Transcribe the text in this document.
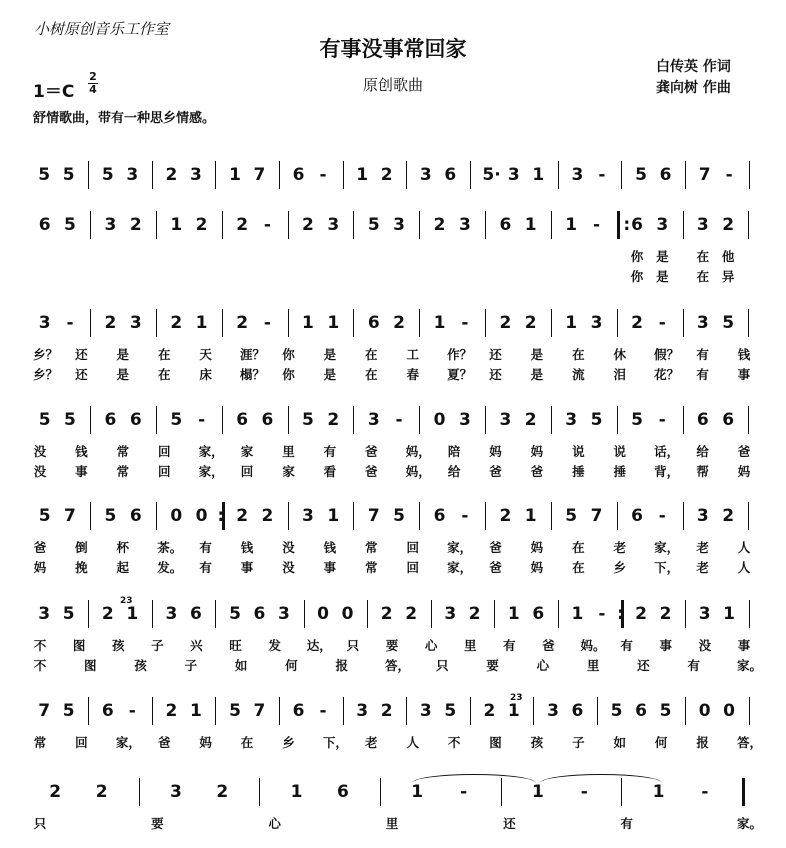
小树原创音乐工作室
有事没事常回家
原创歌曲
白传英 作词
龚向树 作曲
1＝C
2
4
舒情歌曲，带有一种思乡情感。
5 5 5 3 2 3 1 7 6 - 1 2 3 6 5· 3 1 3 - 5 6 7 -
6 5 3 2 1 2 2 - 2 3 5 3 2 3 6 1 1 - : 6 3 3 2
你 是 在 他
你 是 在 异
3 - 2 3 2 1 2 - 1 1 6 2 1 - 2 2 1 3 2 - 3 5
乡？ 还 是 在 天 涯？ 你 是 在 工 作？ 还 是 在 休 假？ 有 钱
乡？ 还 是 在 床 榻？ 你 是 在 春 夏？ 还 是 流 泪 花？ 有 事
5 5 6 6 5 - 6 6 5 2 3 - 0 3 3 2 3 5 5 - 6 6
没 钱 常 回 家， 家 里 有 爸 妈， 陪 妈 妈 说 说 话， 给 爸
没 事 常 回 家， 回 家 看 爸 妈， 给 爸 爸 捶 捶 背， 帮 妈
5 7 5 6 0 0 : 2 2 3 1 7 5 6 - 2 1 5 7 6 - 3 2
爸 倒 杯 茶。 有 钱 没 钱 常 回 家， 爸 妈 在 老 家， 老 人
妈 挽 起 发。 有 事 没 事 常 回 家， 爸 妈 在 乡 下， 老 人
3 5 2 1 3 6 5 6 3 0 0 2 2 3 2 1 6 1 - : 2 2 3 1
不 图 孩 子 兴 旺 发 达， 只 要 心 里 有 爸 妈。 有 事 没 事
不	图	孩	子	如	何	报	答， 只	要	心	里	还	有	家。
23
7 5 6 - 2 1 5 7 6 - 3 2 3 5 2 1 3 6 5 6 5 0 0
常 回 家， 爸 妈 在 乡 下， 老 人 不 图 孩 子 如 何 报 答，
23
2 2	3 2	1 6	1 -	1 -	1 -
只	要	心	里	还	有	家。
